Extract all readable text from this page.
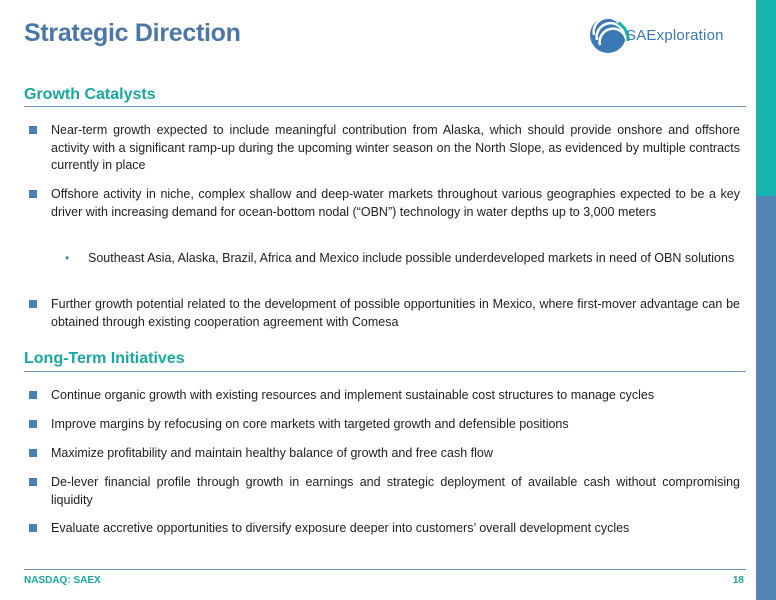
Strategic Direction	SAExploration
Growth Catalysts
Near-term growth expected to include meaningful contribution from Alaska, which should provide onshore and offshore activity with a significant ramp-up during the upcoming winter season on the North Slope, as evidenced by multiple contracts currently in place
Offshore activity in niche, complex shallow and deep-water markets throughout various geographies expected to be a key driver with increasing demand for ocean-bottom nodal (“OBN”) technology in water depths up to 3,000 meters
• Southeast Asia, Alaska, Brazil, Africa and Mexico include possible underdeveloped markets in need of OBN solutions
Further growth potential related to the development of possible opportunities in Mexico, where first-mover advantage can be obtained through existing cooperation agreement with Comesa
Long-Term Initiatives
Continue organic growth with existing resources and implement sustainable cost structures to manage cycles
Improve margins by refocusing on core markets with targeted growth and defensible positions
Maximize profitability and maintain healthy balance of growth and free cash flow
De-lever financial profile through growth in earnings and strategic deployment of available cash without compromising liquidity
Evaluate accretive opportunities to diversify exposure deeper into customers’ overall development cycles
NASDAQ: SAEX	18
